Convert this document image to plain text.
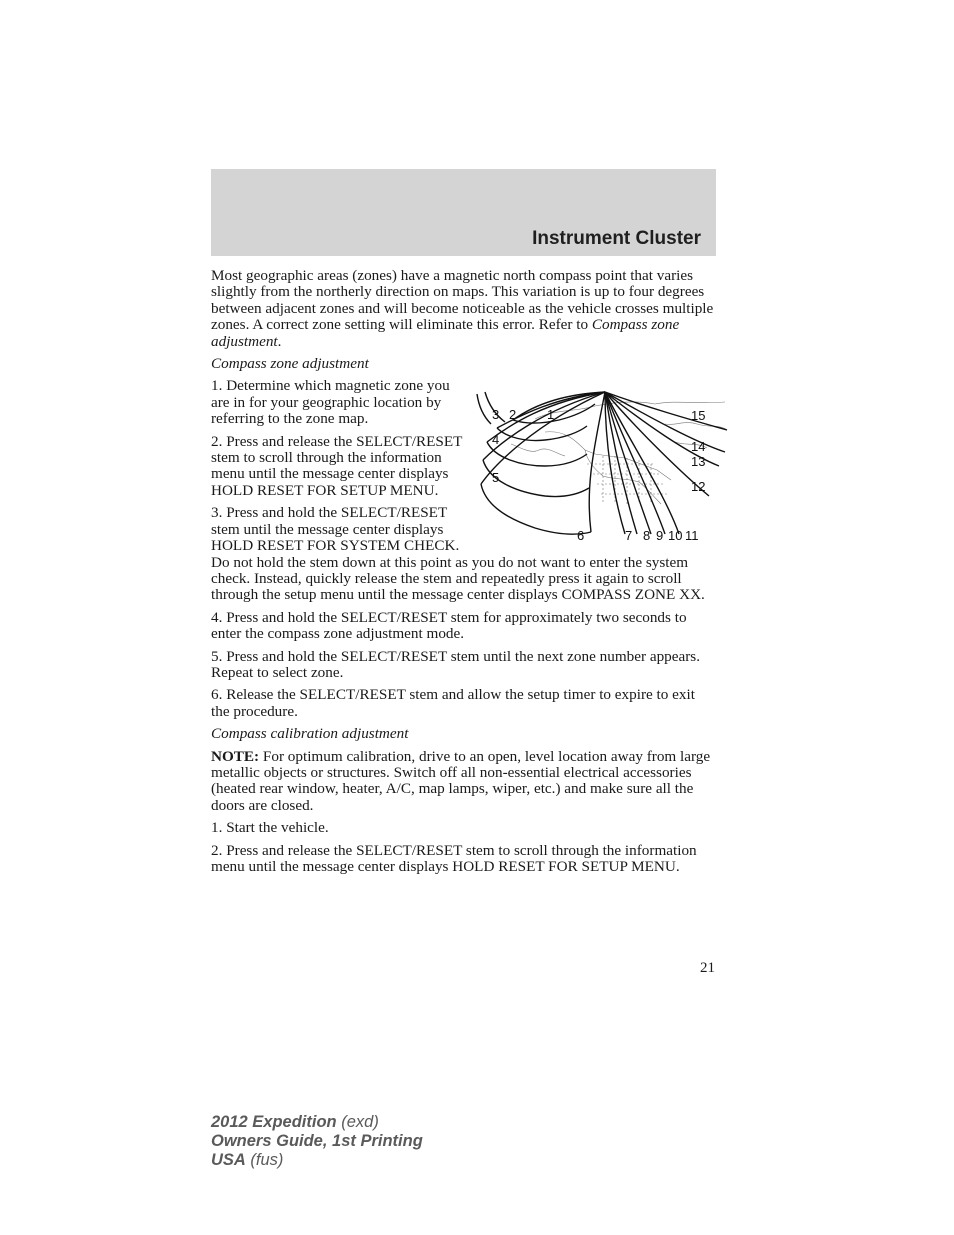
Instrument Cluster

Most geographic areas (zones) have a magnetic north compass point that varies slightly from the northerly direction on maps. This variation is up to four degrees between adjacent zones and will become noticeable as the vehicle crosses multiple zones. A correct zone setting will eliminate this error. Refer to Compass zone adjustment.

Compass zone adjustment

1
2
3
4
5
6	7 8 9 10 11
12
13
14
15

1. Determine which magnetic zone you are in for your geographic location by referring to the zone map.

2. Press and release the SELECT/RESET stem to scroll through the information menu until the message center displays HOLD RESET FOR SETUP MENU.

3. Press and hold the SELECT/RESET stem until the message center displays HOLD RESET FOR SYSTEM CHECK. Do not hold the stem down at this point as you do not want to enter the system check. Instead, quickly release the stem and repeatedly press it again to scroll through the setup menu until the message center displays COMPASS ZONE XX.

4. Press and hold the SELECT/RESET stem for approximately two seconds to enter the compass zone adjustment mode.

5. Press and hold the SELECT/RESET stem until the next zone number appears. Repeat to select zone.

6. Release the SELECT/RESET stem and allow the setup timer to expire to exit the procedure.

Compass calibration adjustment

NOTE: For optimum calibration, drive to an open, level location away from large metallic objects or structures. Switch off all non-essential electrical accessories (heated rear window, heater, A/C, map lamps, wiper, etc.) and make sure all the doors are closed.

1. Start the vehicle.

2. Press and release the SELECT/RESET stem to scroll through the information menu until the message center displays HOLD RESET FOR SETUP MENU.

21
2012 Expedition (exd)
Owners Guide, 1st Printing
USA (fus)
